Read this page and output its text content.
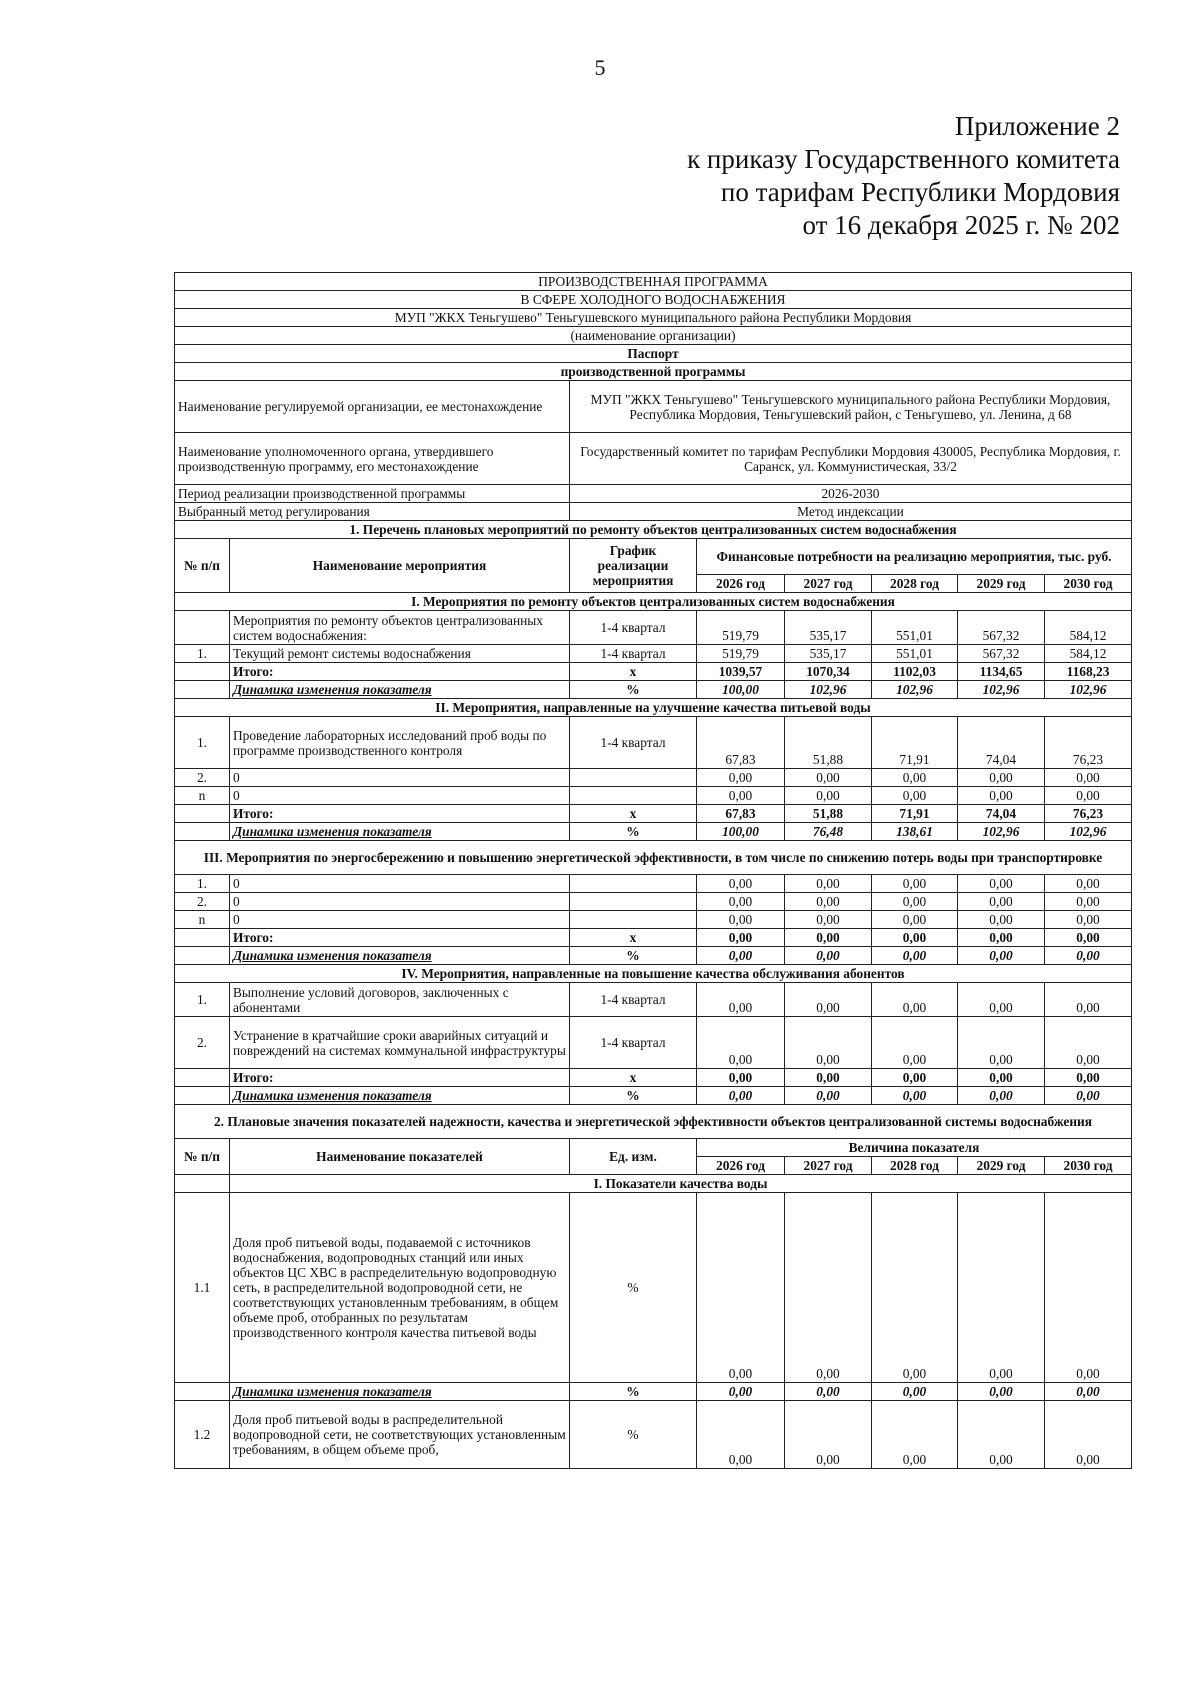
5
Приложение 2
к приказу Государственного комитета
по тарифам Республики Мордовия
от 16 декабря 2025 г. № 202
ПРОИЗВОДСТВЕННАЯ ПРОГРАММА							
В СФЕРЕ ХОЛОДНОГО ВОДОСНАБЖЕНИЯ							
МУП "ЖКХ Теньгушево" Теньгушевского муниципального района Республики Мордовия							
(наименование организации)							
Паспорт							
производственной программы							
Наименование регулируемой организации, ее местонахождение		МУП "ЖКХ Теньгушево" Теньгушевского муниципального района Республики Мордовия, Республика Мордовия, Теньгушевский район, с Теньгушево, ул. Ленина, д 68					
Наименование уполномоченного органа, утвердившего производственную программу, его местонахождение		Государственный комитет по тарифам Республики Мордовия 430005, Республика Мордовия, г. Саранск, ул. Коммунистическая, 33/2					
Период реализации производственной программы		2026-2030					
Выбранный метод регулирования		Метод индексации					
1. Перечень плановых мероприятий по ремонту объектов централизованных систем водоснабжения							
№ п/п	Наименование мероприятия	График реализации мероприятия	Финансовые потребности на реализацию мероприятия, тыс. руб.				
			2026 год	2027 год	2028 год	2029 год	2030 год
I. Мероприятия по ремонту объектов централизованных систем водоснабжения							
	Мероприятия по ремонту объектов централизованных систем водоснабжения:	1-4 квартал	519,79	535,17	551,01	567,32	584,12
1.	Текущий ремонт системы водоснабжения	1-4 квартал	519,79	535,17	551,01	567,32	584,12
	Итого:	x	1039,57	1070,34	1102,03	1134,65	1168,23
	Динамика изменения показателя	%	100,00	102,96	102,96	102,96	102,96
II. Мероприятия, направленные на улучшение качества питьевой воды							
1.	Проведение лабораторных исследований проб воды по программе производственного контроля	1-4 квартал	67,83	51,88	71,91	74,04	76,23
2.	0		0,00	0,00	0,00	0,00	0,00
n	0		0,00	0,00	0,00	0,00	0,00
	Итого:	x	67,83	51,88	71,91	74,04	76,23
	Динамика изменения показателя	%	100,00	76,48	138,61	102,96	102,96
III. Мероприятия по энергосбережению и повышению энергетической эффективности, в том числе по снижению потерь воды при транспортировке							
1.	0		0,00	0,00	0,00	0,00	0,00
2.	0		0,00	0,00	0,00	0,00	0,00
n	0		0,00	0,00	0,00	0,00	0,00
	Итого:	x	0,00	0,00	0,00	0,00	0,00
	Динамика изменения показателя	%	0,00	0,00	0,00	0,00	0,00
IV. Мероприятия, направленные на повышение качества обслуживания абонентов							
1.	Выполнение условий договоров, заключенных с абонентами	1-4 квартал	0,00	0,00	0,00	0,00	0,00
2.	Устранение в кратчайшие сроки аварийных ситуаций и повреждений на системах коммунальной инфраструктуры	1-4 квартал	0,00	0,00	0,00	0,00	0,00
	Итого:	x	0,00	0,00	0,00	0,00	0,00
	Динамика изменения показателя	%	0,00	0,00	0,00	0,00	0,00
2. Плановые значения показателей надежности, качества и энергетической эффективности объектов централизованной системы водоснабжения							
№ п/п	Наименование показателей	Ед. изм.	Величина показателя				
			2026 год	2027 год	2028 год	2029 год	2030 год
	I. Показатели качества воды						
1.1	Доля проб питьевой воды, подаваемой с источников водоснабжения, водопроводных станций или иных объектов ЦС ХВС в распределительную водопроводную сеть, в распределительной водопроводной сети, не соответствующих установленным требованиям, в общем объеме проб, отобранных по результатам производственного контроля качества питьевой воды	%	0,00	0,00	0,00	0,00	0,00
	Динамика изменения показателя	%	0,00	0,00	0,00	0,00	0,00
1.2	Доля проб питьевой воды в распределительной водопроводной сети, не соответствующих установленным требованиям, в общем объеме проб,	%	0,00	0,00	0,00	0,00	0,00
